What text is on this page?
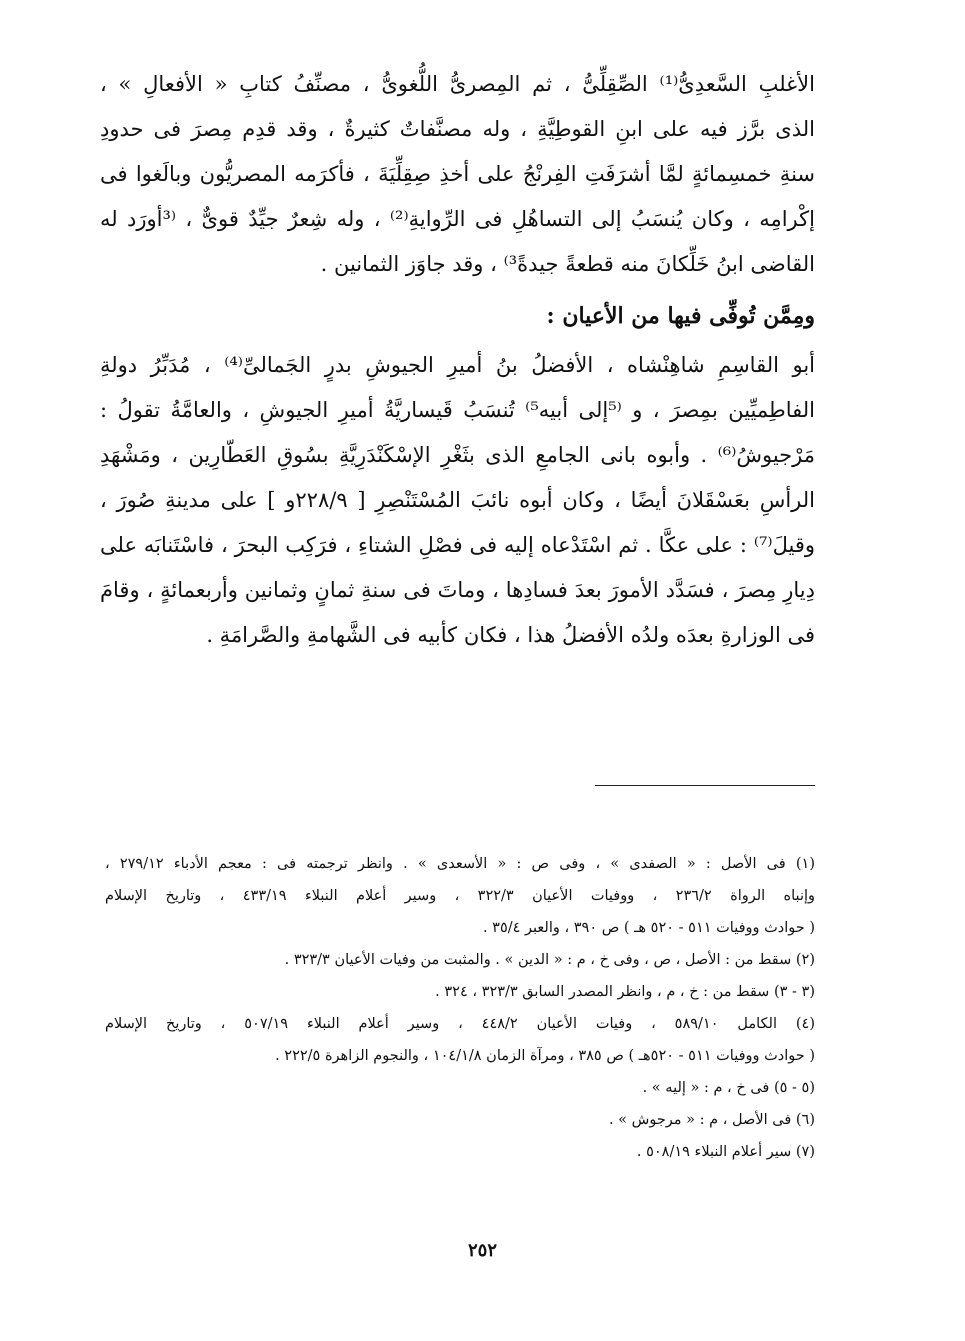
الأغلبِ السَّعدِىُّ⁽¹⁾ الصِّقِلِّىُّ ، ثم المِصرىُّ اللُّغوىُّ ، مصنِّفُ كتابِ « الأفعالِ » ،
الذى برَّز فيه على ابنِ القوطِيَّةِ ، وله مصنَّفاتٌ كثيرةٌ ، وقد قدِم مِصرَ فى حدودِ
سنةِ خمسِمائةٍ لمَّا أشرَفَتِ الفِرنْجُ على أخذِ صِقِلِّيَةَ ، فأكرَمه المصريُّون وبالَغوا فى
إكْرامِه ، وكان يُنسَبُ إلى التساهُلِ فى الرِّوايةِ⁽²⁾ ، وله شِعرٌ جيِّدٌ قوىٌّ ، ⁽³أورَد له
القاضى ابنُ خَلِّكانَ منه قطعةً جيدةً³⁾ ، وقد جاوَز الثمانين .
ومِمَّن تُوفِّى فيها من الأعيان :
أبو القاسِمِ شاهِنْشاه ، الأفضلُ بنُ أميرِ الجيوشِ بدرٍ الجَمالىِّ⁽⁴⁾ ، مُدَبِّرُ دولةِ
الفاطِميِّين بمِصرَ ، و ⁽⁵إلى أبيه⁵⁾ تُنسَبُ قَيساريَّةُ أميرِ الجيوشِ ، والعامَّةُ تقولُ :
مَرْجيوشُ⁽⁶⁾ . وأبوه بانى الجامعِ الذى بثَغْرِ الإسْكَنْدَرِيَّةِ بسُوقِ العَطّارِين ، ومَشْهَدِ
الرأسِ بعَسْقَلانَ أيضًا ، وكان أبوه نائبَ المُسْتَنْصِرِ [ ٢٢٨/٩و ] على مدينةِ صُورَ ،
وقيلَ⁽⁷⁾ : على عكَّا . ثم اسْتَدْعاه إليه فى فصْلِ الشتاءِ ، فرَكِب البحرَ ، فاسْتَنابَه على
دِيارِ مِصرَ ، فسَدَّد الأمورَ بعدَ فسادِها ، وماتَ فى سنةِ ثمانٍ وثمانين وأربعمائةٍ ، وقامَ
فى الوزارةِ بعدَه ولدُه الأفضلُ هذا ، فكان كأبيه فى الشَّهامةِ والصَّرامَةِ .
(١) فى الأصل : « الصفدى » ، وفى ص : « الأسعدى » . وانظر ترجمته فى : معجم الأدباء ٢٧٩/١٢ ،
وإنباه الرواة ٢٣٦/٢ ، ووفيات الأعيان ٣٢٢/٣ ، وسير أعلام النبلاء ٤٣٣/١٩ ، وتاريخ الإسلام
( حوادث ووفيات ٥١١ - ٥٢٠ هـ ) ص ٣٩٠ ، والعبر ٣٥/٤ .
(٢) سقط من : الأصل ، ص ، وفى خ ، م : « الدين » . والمثبت من وفيات الأعيان ٣٢٣/٣ .
(٣ - ٣) سقط من : خ ، م ، وانظر المصدر السابق ٣٢٣/٣ ، ٣٢٤ .
(٤) الكامل ٥٨٩/١٠ ، وفيات الأعيان ٤٤٨/٢ ، وسير أعلام النبلاء ٥٠٧/١٩ ، وتاريخ الإسلام
( حوادث ووفيات ٥١١ - ٥٢٠هـ ) ص ٣٨٥ ، ومرآة الزمان ١٠٤/١/٨ ، والنجوم الزاهرة ٢٢٢/٥ .
(٥ - ٥) فى خ ، م : « إليه » .
(٦) فى الأصل ، م : « مرجوش » .
(٧) سير أعلام النبلاء ٥٠٨/١٩ .
٢٥٢
